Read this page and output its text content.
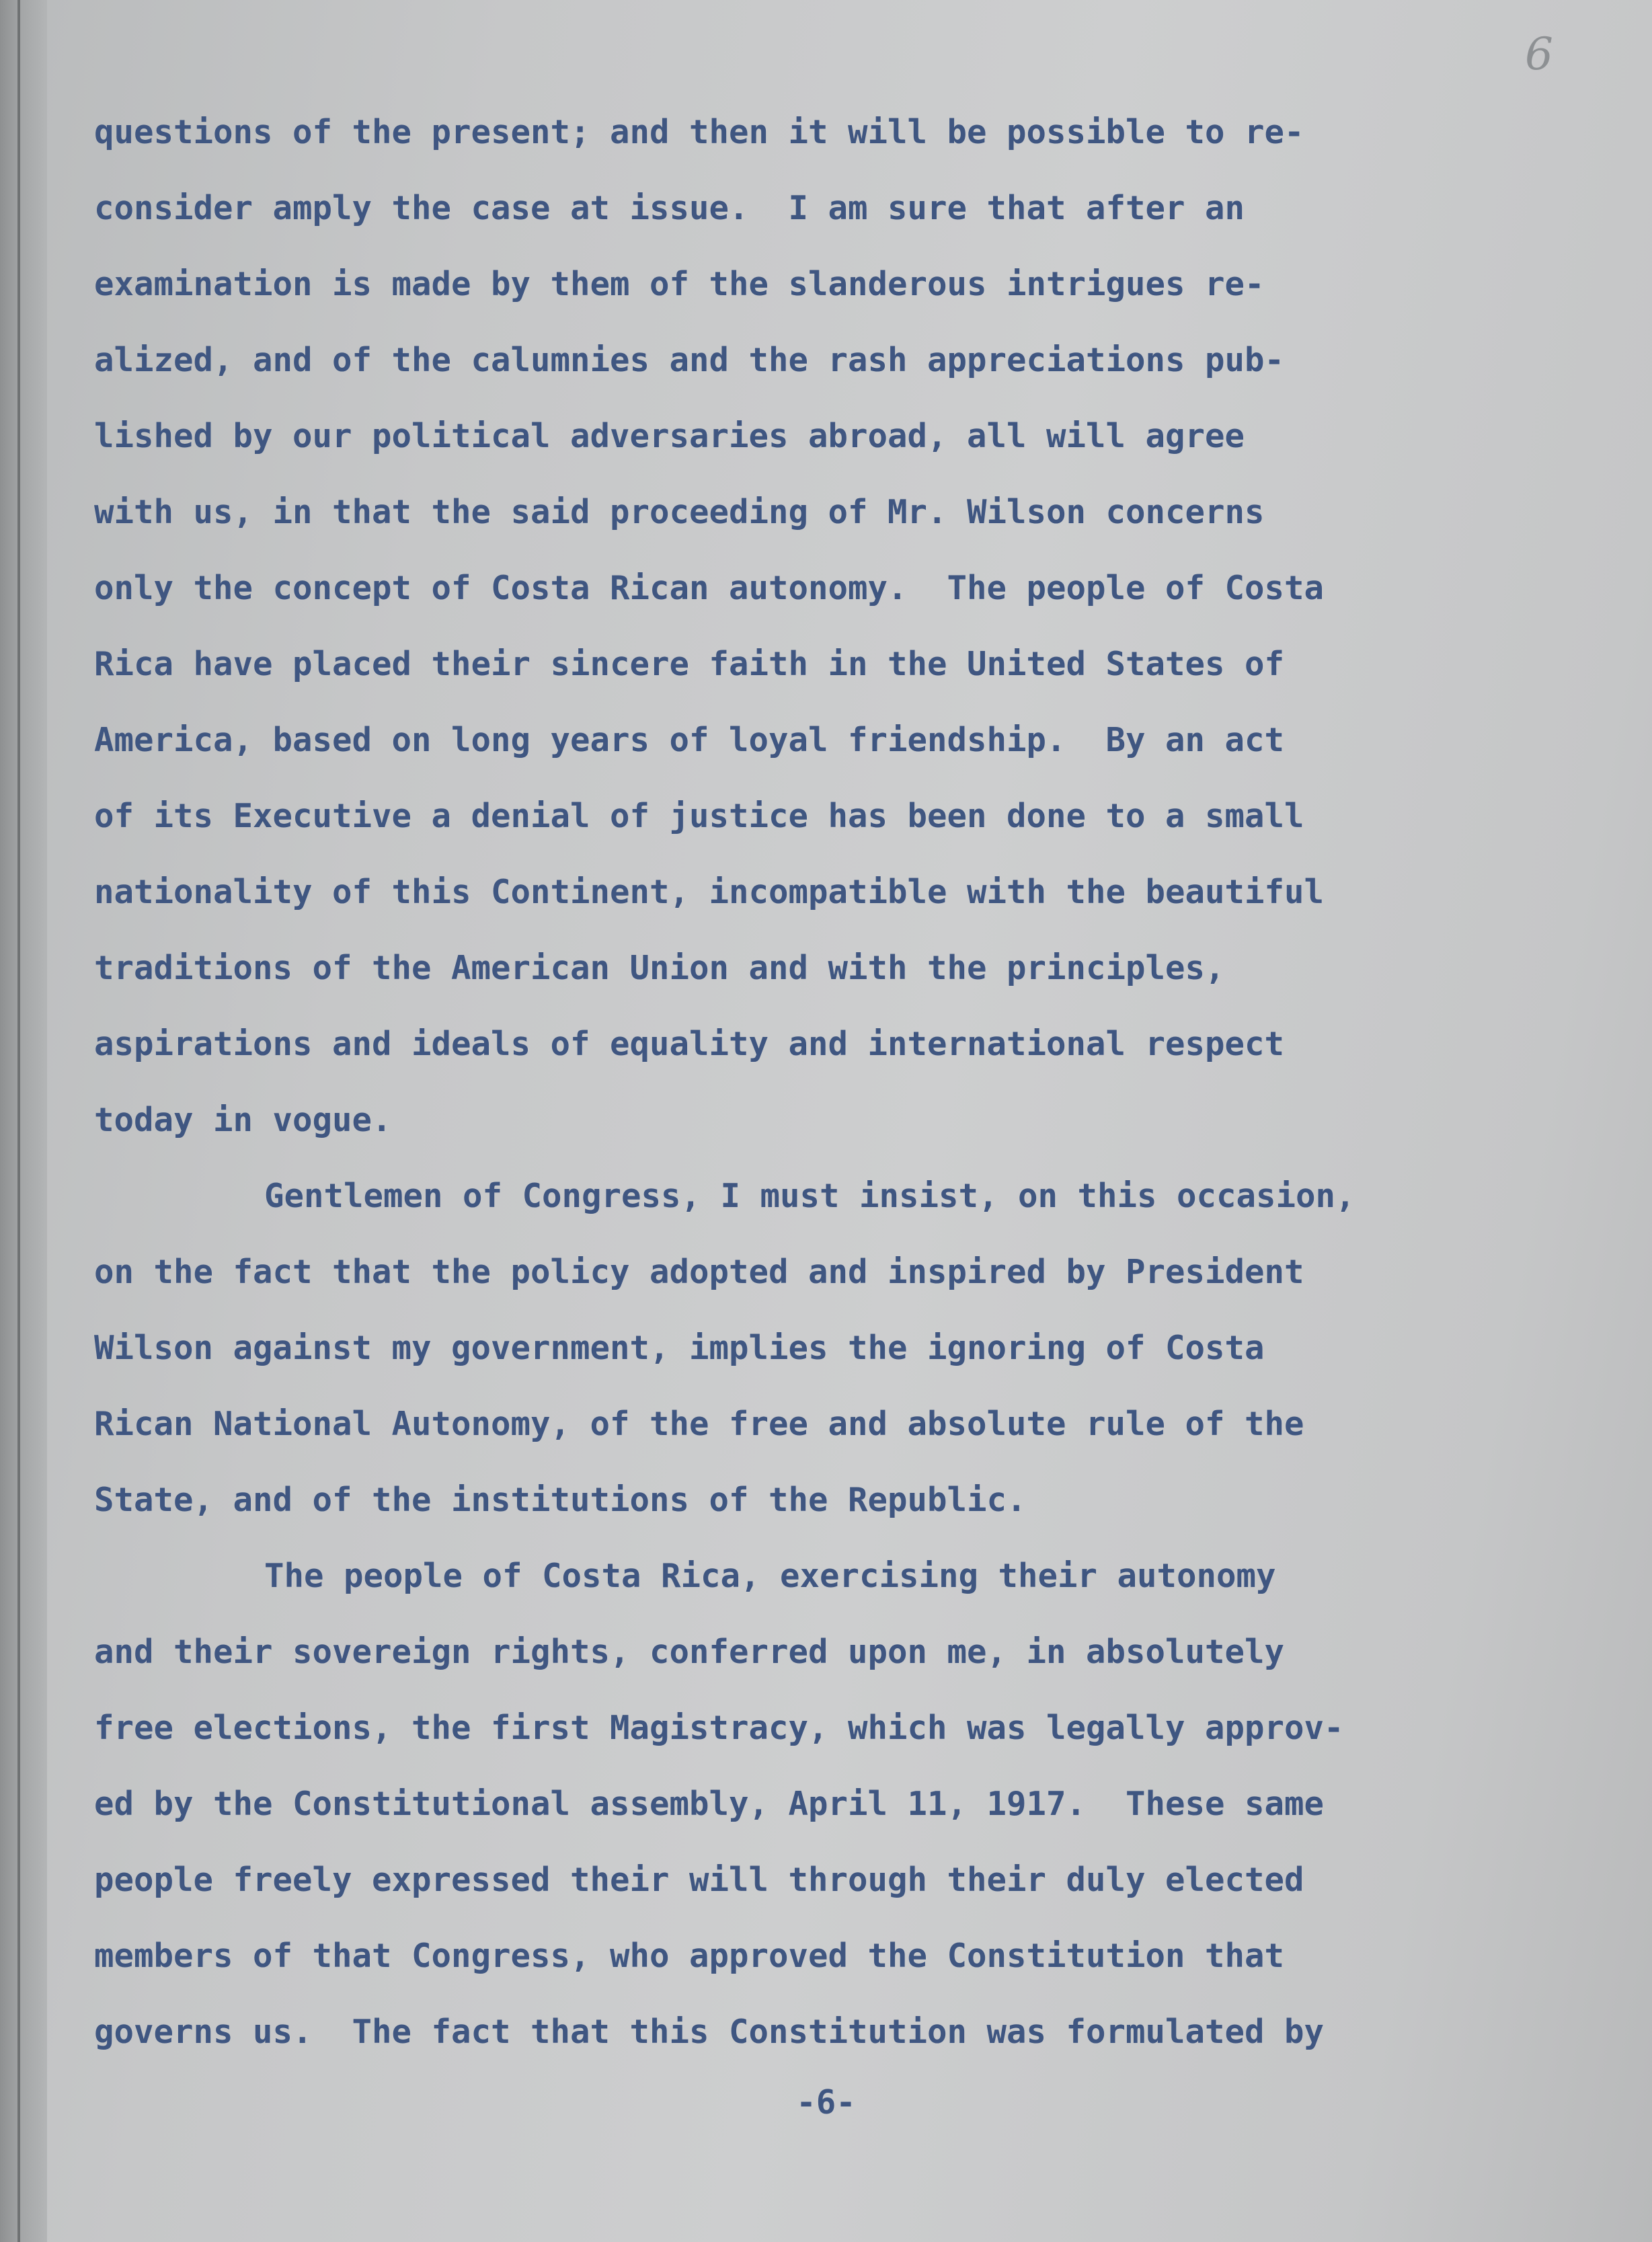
6
questions of the present; and then it will be possible to re-
consider amply the case at issue.  I am sure that after an
examination is made by them of the slanderous intrigues re-
alized, and of the calumnies and the rash appreciations pub-
lished by our political adversaries abroad, all will agree
with us, in that the said proceeding of Mr. Wilson concerns
only the concept of Costa Rican autonomy.  The people of Costa
Rica have placed their sincere faith in the United States of
America, based on long years of loyal friendship.  By an act
of its Executive a denial of justice has been done to a small
nationality of this Continent, incompatible with the beautiful
traditions of the American Union and with the principles,
aspirations and ideals of equality and international respect
today in vogue.
Gentlemen of Congress, I must insist, on this occasion,
on the fact that the policy adopted and inspired by President
Wilson against my government, implies the ignoring of Costa
Rican National Autonomy, of the free and absolute rule of the
State, and of the institutions of the Republic.
The people of Costa Rica, exercising their autonomy
and their sovereign rights, conferred upon me, in absolutely
free elections, the first Magistracy, which was legally approv-
ed by the Constitutional assembly, April 11, 1917.  These same
people freely expressed their will through their duly elected
members of that Congress, who approved the Constitution that
governs us.  The fact that this Constitution was formulated by
-6-
